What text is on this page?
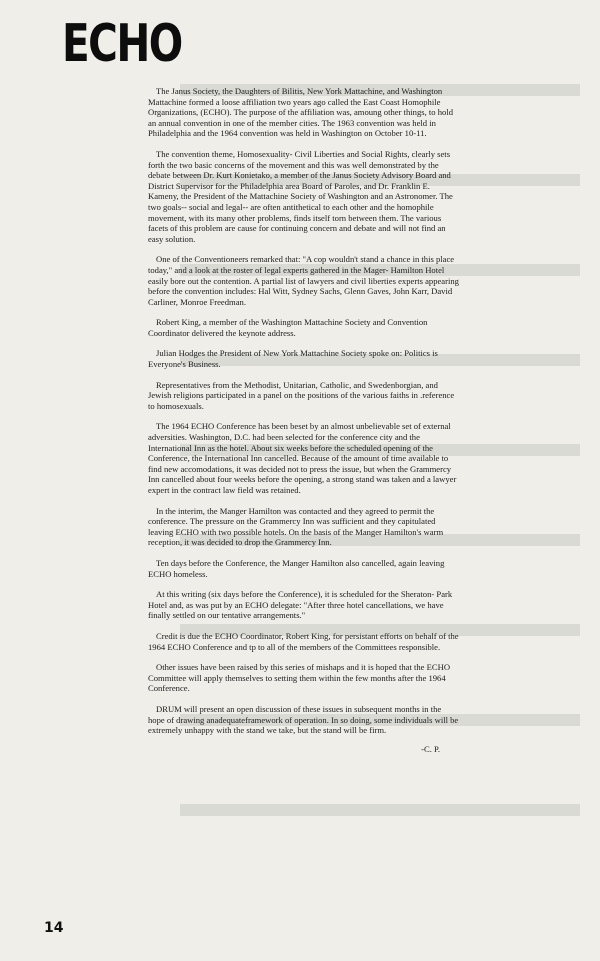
ECHO

The Janus Society, the Daughters of Bilitis, New York Mattachine, and Washington Mattachine formed a loose affiliation two years ago called the East Coast Homophile Organizations, (ECHO). The purpose of the affiliation was, amoung other things, to hold an annual convention in one of the member cities. The 1963 convention was held in Philadelphia and the 1964 convention was held in Washington on October 10-11.

The convention theme, Homosexuality- Civil Liberties and Social Rights, clearly sets forth the two basic concerns of the movement and this was well demonstrated by the debate between Dr. Kurt Konietako, a member of the Janus Society Advisory Board and District Supervisor for the Philadelphia area Board of Paroles, and Dr. Franklin E. Kameny, the President of the Mattachine Society of Washington and an Astronomer. The two goals-- social and legal-- are often antithetical to each other and the homophile movement, with its many other problems, finds itself torn between them. The various facets of this problem are cause for continuing concern and debate and will not find an easy solution.

One of the Conventioneers remarked that: "A cop wouldn't stand a chance in this place today," and a look at the roster of legal experts gathered in the Mager- Hamilton Hotel easily bore out the contention. A partial list of lawyers and civil liberties experts appearing before the convention includes: Hal Witt, Sydney Sachs, Glenn Gaves, John Karr, David Carliner, Monroe Freedman.

Robert King, a member of the Washington Mattachine Society and Convention Coordinator delivered the keynote address.

Julian Hodges the President of New York Mattachine Society spoke on: Politics is Everyone's Business.

Representatives from the Methodist, Unitarian, Catholic, and Swedenborgian, and Jewish religions participated in a panel on the positions of the various faiths in .reference to homosexuals.

The 1964 ECHO Conference has been beset by an almost unbelievable set of external adversities. Washington, D.C. had been selected for the conference city and the International Inn as the hotel. About six weeks before the scheduled opening of the Conference, the International Inn cancelled. Because of the amount of time available to find new accomodations, it was decided not to press the issue, but when the Grammercy Inn cancelled about four weeks before the opening, a strong stand was taken and a lawyer expert in the contract law field was retained.

In the interim, the Manger Hamilton was contacted and they agreed to permit the conference. The pressure on the Grammercy Inn was sufficient and they capitulated leaving ECHO with two possible hotels. On the basis of the Manger Hamilton's warm reception, it was decided to drop the Grammercy Inn.

Ten days before the Conference, the Manger Hamilton also cancelled, again leaving ECHO homeless.

At this writing (six days before the Conference), it is scheduled for the Sheraton- Park Hotel and, as was put by an ECHO delegate: "After three hotel cancellations, we have finally settled on our tentative arrangements."

Credit is due the ECHO Coordinator, Robert King, for persistant efforts on behalf of the 1964 ECHO Conference and tp to all of the members of the Committees responsible.

Other issues have been raised by this series of mishaps and it is hoped that the ECHO Committee will apply themselves to setting them within the few months after the 1964 Conference.

DRUM will present an open discussion of these issues in subsequent months in the hope of drawing anadequateframework of operation. In so doing, some individuals will be extremely unhappy with the stand we take, but the stand will be firm.

-C. P.
14
